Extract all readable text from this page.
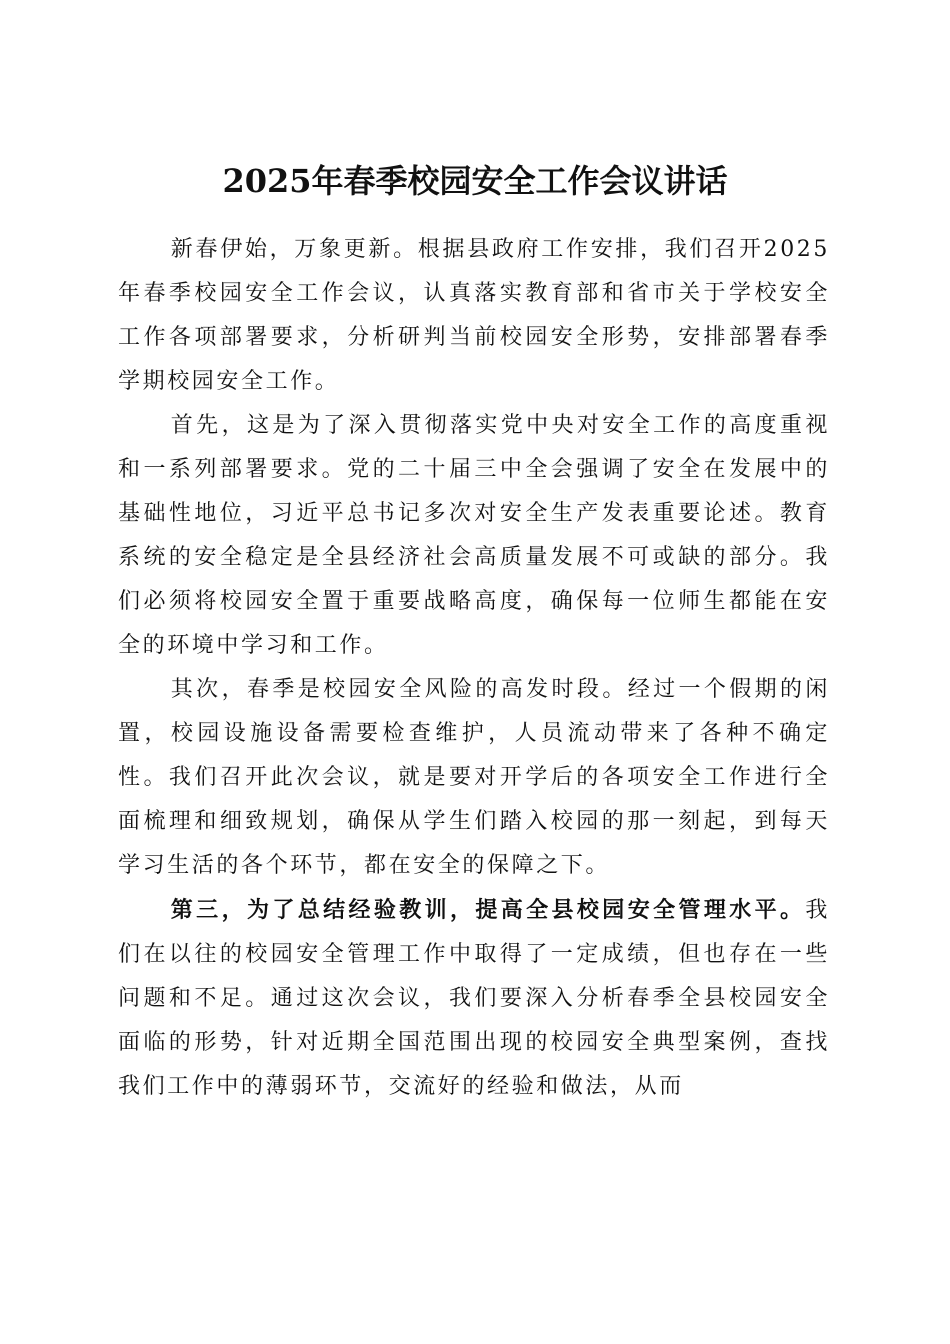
2025年春季校园安全工作会议讲话

新春伊始，万象更新。根据县政府工作安排，我们召开2025年春季校园安全工作会议，认真落实教育部和省市关于学校安全工作各项部署要求，分析研判当前校园安全形势，安排部署春季学期校园安全工作。

首先，这是为了深入贯彻落实党中央对安全工作的高度重视和一系列部署要求。党的二十届三中全会强调了安全在发展中的基础性地位，习近平总书记多次对安全生产发表重要论述。教育系统的安全稳定是全县经济社会高质量发展不可或缺的部分。我们必须将校园安全置于重要战略高度，确保每一位师生都能在安全的环境中学习和工作。

其次，春季是校园安全风险的高发时段。经过一个假期的闲置，校园设施设备需要检查维护，人员流动带来了各种不确定性。我们召开此次会议，就是要对开学后的各项安全工作进行全面梳理和细致规划，确保从学生们踏入校园的那一刻起，到每天学习生活的各个环节，都在安全的保障之下。

第三，为了总结经验教训，提高全县校园安全管理水平。我们在以往的校园安全管理工作中取得了一定成绩，但也存在一些问题和不足。通过这次会议，我们要深入分析春季全县校园安全面临的形势，针对近期全国范围出现的校园安全典型案例，查找我们工作中的薄弱环节，交流好的经验和做法，从而
